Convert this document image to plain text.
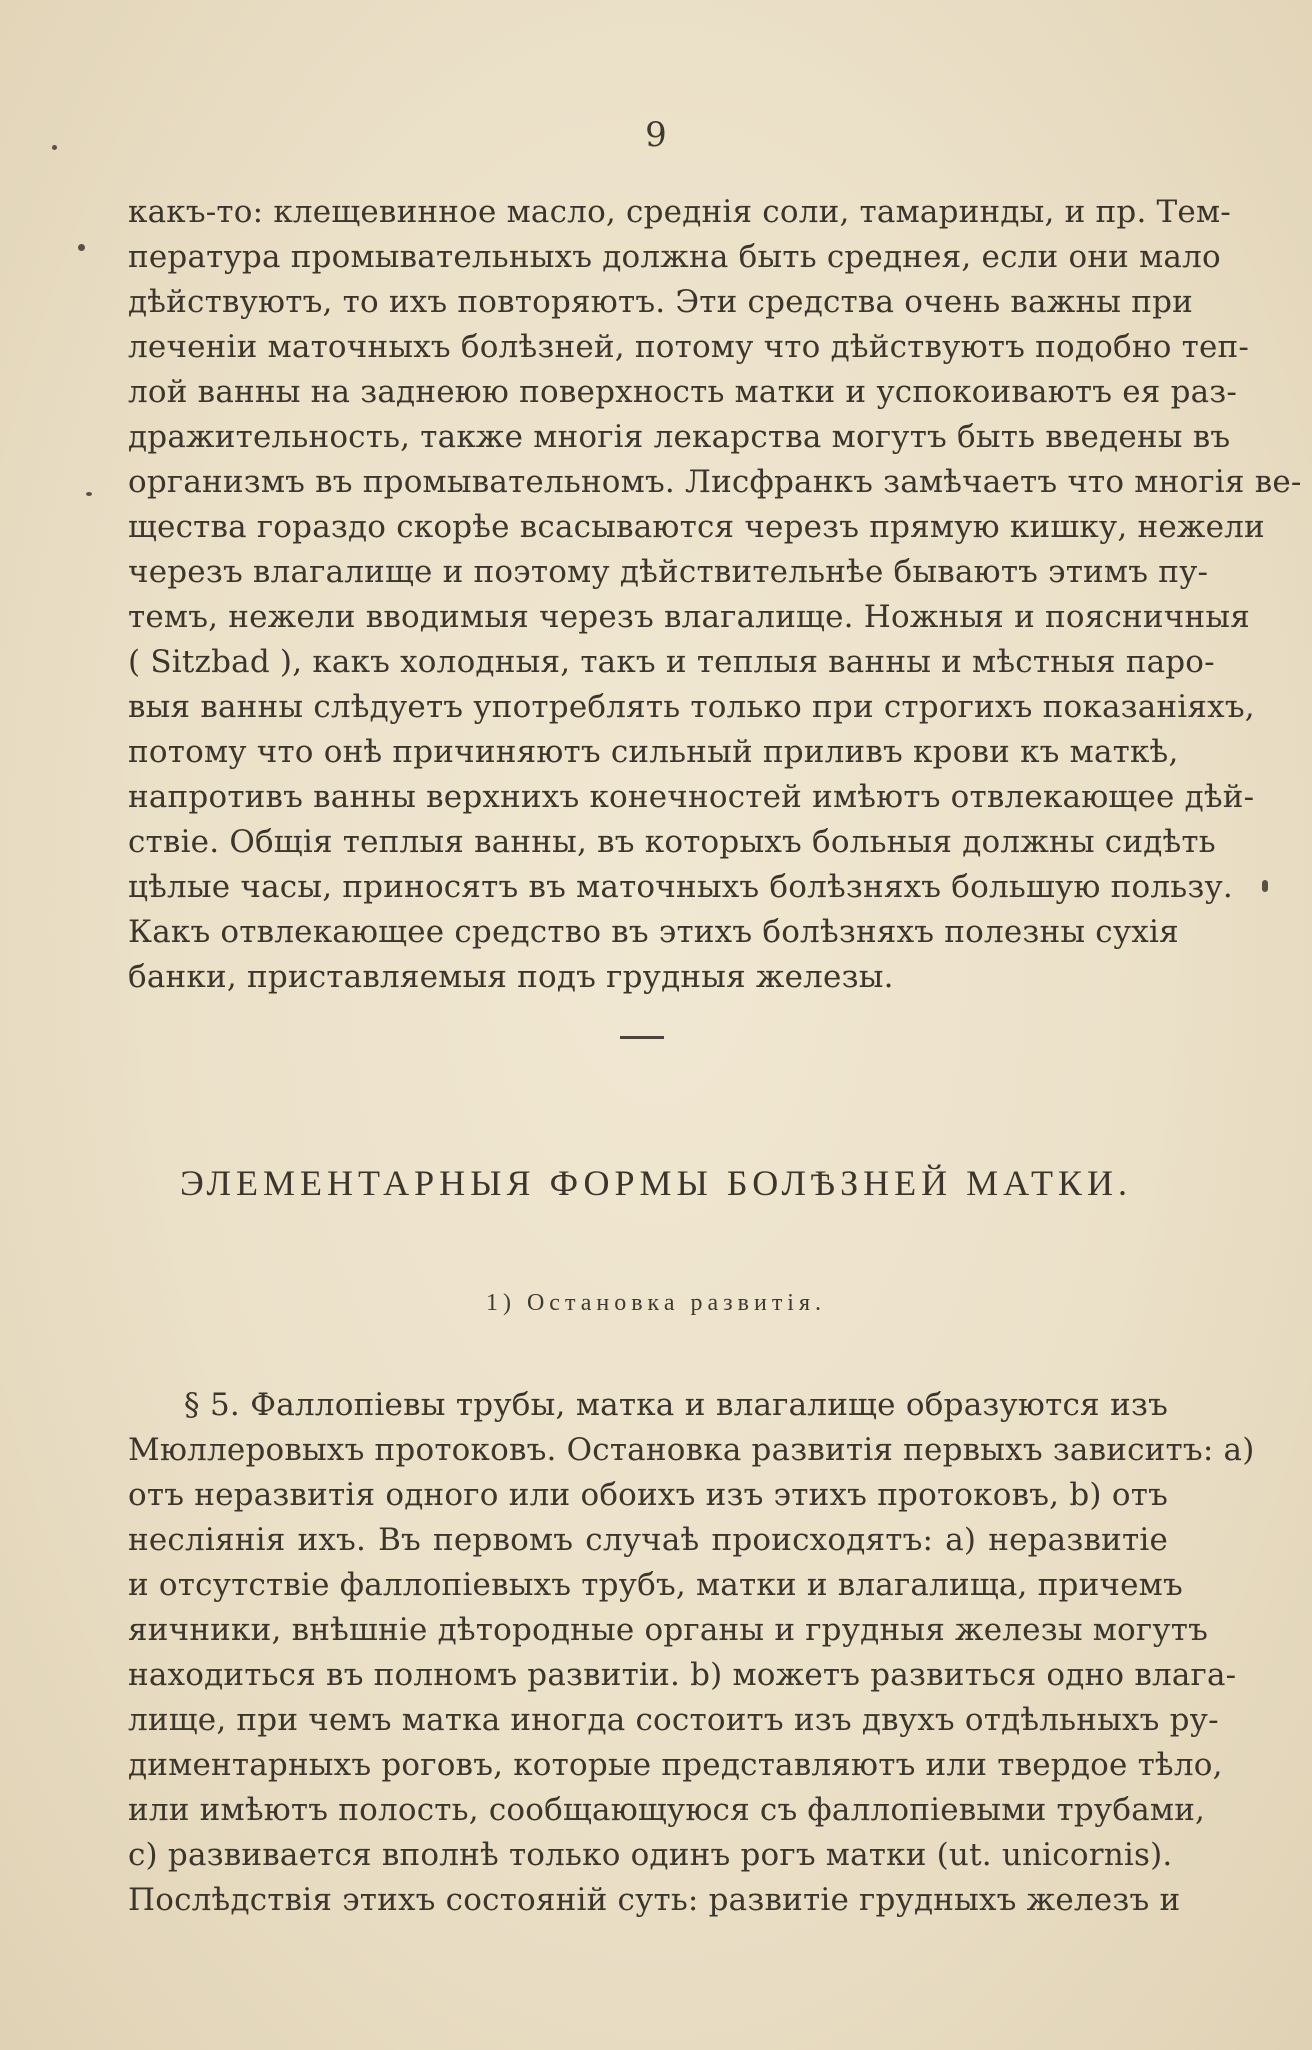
9
какъ-то: клещевинное масло, среднія соли, тамаринды, и пр. Тем-
пература промывательныхъ должна быть среднея, если они мало
дѣйствуютъ, то ихъ повторяютъ. Эти средства очень важны при
леченіи маточныхъ болѣзней, потому что дѣйствуютъ подобно теп-
лой ванны на заднеюю поверхность матки и успокоиваютъ ея раз-
дражительность, также многія лекарства могутъ быть введены въ
организмъ въ промывательномъ. Лисфранкъ замѣчаетъ что многія ве-
щества гораздо скорѣе всасываются черезъ прямую кишку, нежели
черезъ влагалище и поэтому дѣйствительнѣе бываютъ этимъ пу-
темъ, нежели вводимыя черезъ влагалище. Ножныя и поясничныя
( Sitzbad ), какъ холодныя, такъ и теплыя ванны и мѣстныя паро-
выя ванны слѣдуетъ употреблять только при строгихъ показаніяхъ,
потому что онѣ причиняютъ сильный приливъ крови къ маткѣ,
напротивъ ванны верхнихъ конечностей имѣютъ отвлекающее дѣй-
ствіе. Общія теплыя ванны, въ которыхъ больныя должны сидѣть
цѣлые часы, приносятъ въ маточныхъ болѣзняхъ большую пользу.
Какъ отвлекающее средство въ этихъ болѣзняхъ полезны сухія
банки, приставляемыя подъ грудныя железы.
ЭЛЕМЕНТАРНЫЯ ФОРМЫ БОЛѢЗНЕЙ МАТКИ.
1) Остановка развитія.
§ 5. Фаллопіевы трубы, матка и влагалище образуются изъ
Мюллеровыхъ протоковъ. Остановка развитія первыхъ зависитъ: а)
отъ неразвитія одного или обоихъ изъ этихъ протоковъ, b) отъ
несліянія ихъ. Въ первомъ случаѣ происходятъ: а) неразвитіе
и отсутствіе фаллопіевыхъ трубъ, матки и влагалища, причемъ
яичники, внѣшніе дѣтородные органы и грудныя железы могутъ
находиться въ полномъ развитіи. b) можетъ развиться одно влага-
лище, при чемъ матка иногда состоитъ изъ двухъ отдѣльныхъ ру-
диментарныхъ роговъ, которые представляютъ или твердое тѣло,
или имѣютъ полость, сообщающуюся съ фаллопіевыми трубами,
с) развивается вполнѣ только одинъ рогъ матки (ut. unicornis).
Послѣдствія этихъ состояній суть: развитіе грудныхъ железъ и
